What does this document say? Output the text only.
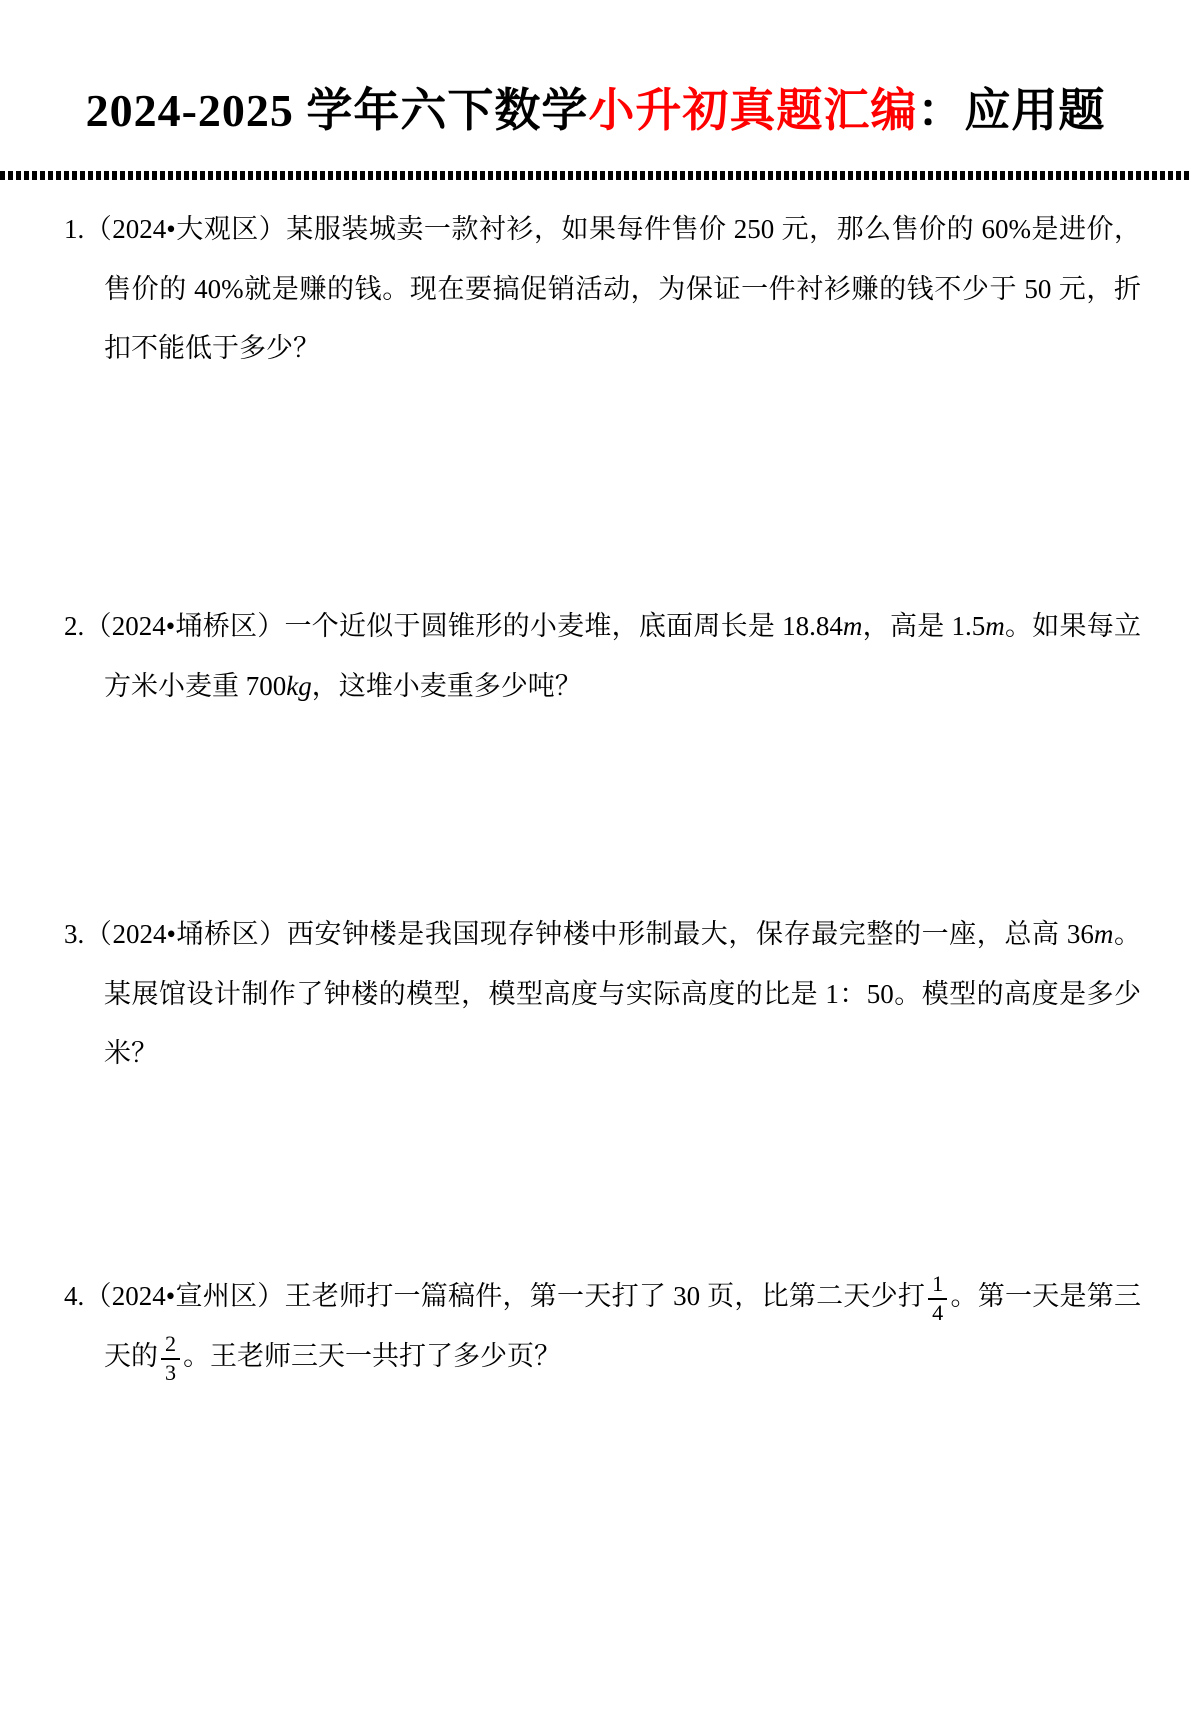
2024-2025 学年六下数学小升初真题汇编：应用题
1.（2024•大观区）某服装城卖一款衬衫，如果每件售价 250 元，那么售价的 60%是进价，售价的 40%就是赚的钱。现在要搞促销活动，为保证一件衬衫赚的钱不少于 50 元，折扣不能低于多少？
2.（2024•埇桥区）一个近似于圆锥形的小麦堆，底面周长是 18.84m，高是 1.5m。如果每立方米小麦重 700kg，这堆小麦重多少吨？
3.（2024•埇桥区）西安钟楼是我国现存钟楼中形制最大，保存最完整的一座，总高 36m。某展馆设计制作了钟楼的模型，模型高度与实际高度的比是 1：50。模型的高度是多少米？
4.（2024•宣州区）王老师打一篇稿件，第一天打了 30 页，比第二天少打 $\frac{1}{4}$ 。第一天是第三天的 $\frac{2}{3}$ 。王老师三天一共打了多少页？
